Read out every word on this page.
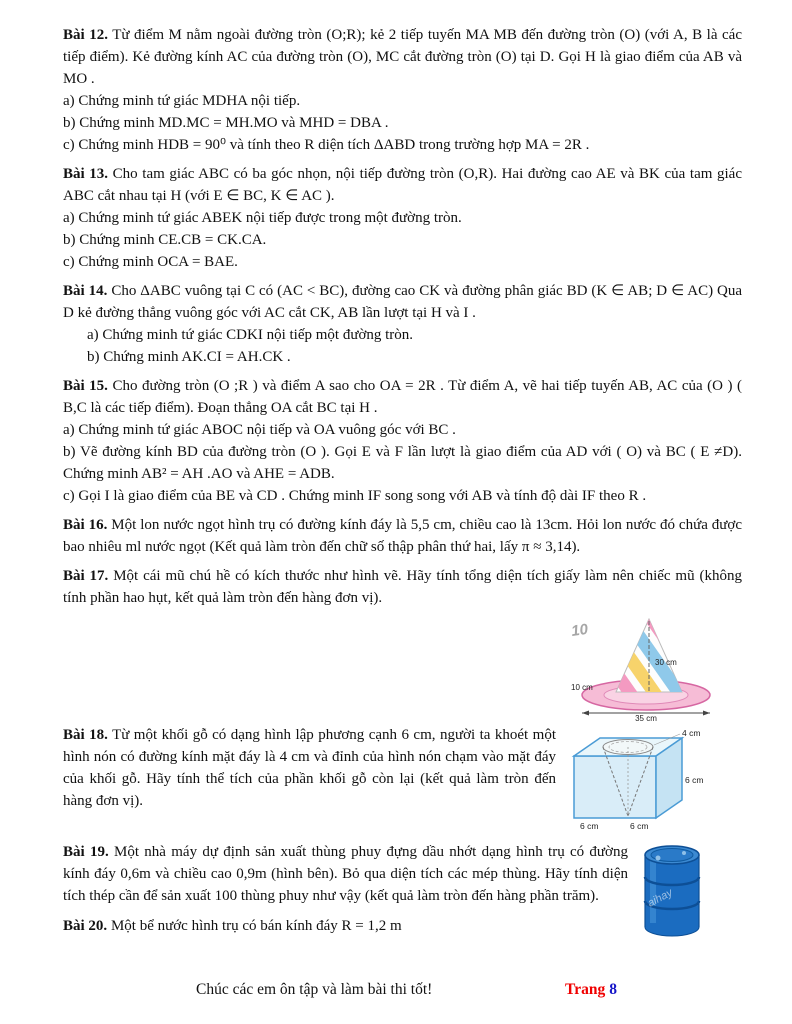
Bài 12. Từ điểm M nằm ngoài đường tròn (O;R); kẻ 2 tiếp tuyến MA MB đến đường tròn (O) (với A, B là các tiếp điểm). Kẻ đường kính AC của đường tròn (O), MC cắt đường tròn (O) tại D. Gọi H là giao điểm của AB và MO .

a) Chứng minh tứ giác MDHA nội tiếp.

b) Chứng minh MD.MC = MH.MO và MHD = DBA .

c) Chứng minh HDB = 90⁰ và tính theo R diện tích ΔABD trong trường hợp MA = 2R .

Bài 13. Cho tam giác ABC có ba góc nhọn, nội tiếp đường tròn (O,R). Hai đường cao AE và BK của tam giác ABC cắt nhau tại H (với E ∈ BC, K ∈ AC ).

a) Chứng minh tứ giác ABEK nội tiếp được trong một đường tròn.

b) Chứng minh CE.CB = CK.CA.

c) Chứng minh OCA = BAE.

Bài 14. Cho ΔABC vuông tại C có (AC < BC), đường cao CK và đường phân giác BD (K ∈ AB; D ∈ AC) Qua D kẻ đường thẳng vuông góc với AC cắt CK, AB lần lượt tại H và I .

a) Chứng minh tứ giác CDKI nội tiếp một đường tròn.

b) Chứng minh AK.CI = AH.CK .

Bài 15. Cho đường tròn (O ;R ) và điểm A sao cho OA = 2R . Từ điểm A, vẽ hai tiếp tuyến AB, AC của (O ) ( B,C là các tiếp điểm). Đoạn thẳng OA cắt BC tại H .

a) Chứng minh tứ giác ABOC nội tiếp và OA vuông góc với BC .

b) Vẽ đường kính BD của đường tròn (O ). Gọi E và F lần lượt là giao điểm của AD với ( O) và BC ( E ≠D). Chứng minh AB² = AH .AO và AHE = ADB.

c) Gọi I là giao điểm của BE và CD . Chứng minh IF song song với AB và tính độ dài IF theo R .

Bài 16. Một lon nước ngọt hình trụ có đường kính đáy là 5,5 cm, chiều cao là 13cm. Hỏi lon nước đó chứa được bao nhiêu ml nước ngọt (Kết quả làm tròn đến chữ số thập phân thứ hai, lấy π ≈ 3,14).

Bài 17. Một cái mũ chú hề có kích thước như hình vẽ. Hãy tính tổng diện tích giấy làm nên chiếc mũ (không tính phần hao hụt, kết quả làm tròn đến hàng đơn vị).

10
30 cm
10 cm
35 cm
4 cm
6 cm
6 cm	6 cm

Bài 18. Từ một khối gỗ có dạng hình lập phương cạnh 6 cm, người ta khoét một hình nón có đường kính mặt đáy là 4 cm và đỉnh của hình nón chạm vào mặt đáy của khối gỗ. Hãy tính thể tích của phần khối gỗ còn lại (kết quả làm tròn đến hàng đơn vị).

aihay

Bài 19. Một nhà máy dự định sản xuất thùng phuy đựng dầu nhớt dạng hình trụ có đường kính đáy 0,6m và chiều cao 0,9m (hình bên). Bỏ qua diện tích các mép thùng. Hãy tính diện tích thép cần để sản xuất 100 thùng phuy như vậy (kết quả làm tròn đến hàng phần trăm).

Bài 20. Một bể nước hình trụ có bán kính đáy R = 1,2 m

Chúc các em ôn tập và làm bài thi tốt!	Trang 8
